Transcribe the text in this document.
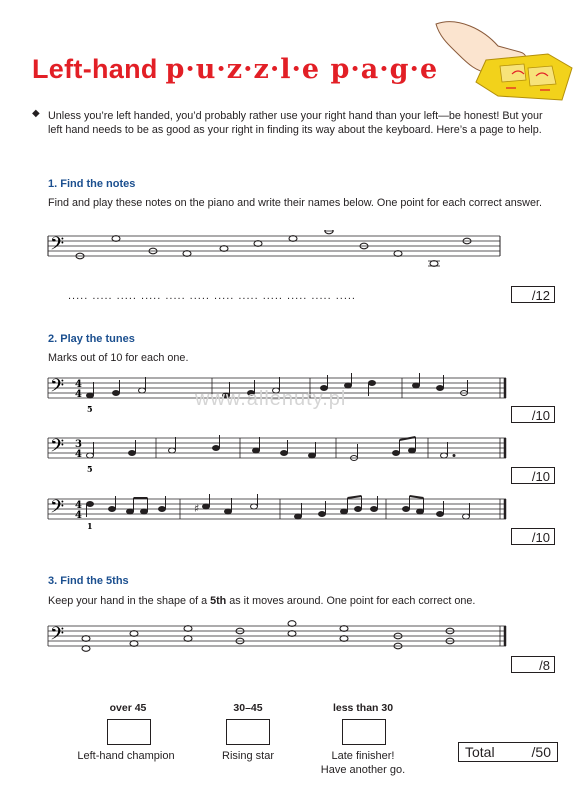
Left-hand p·u·z·z·l·e p·a·g·e
◆ Unless you’re left handed, you’d probably rather use your right hand than your left—be honest! But your left hand needs to be as good as your right in finding its way about the keyboard. Here’s a page to help.
1. Find the notes
Find and play these notes on the piano and write their names below. One point for each correct answer.
𝄢
..... ..... ..... ..... ..... ..... ..... ..... ..... ..... ..... .....	/12
2. Play the tunes
Marks out of 10 for each one.
𝄢 4
4
5	/10
𝄢 3
4
5	/10
𝄢 4
4
♯
1
/10
www.allenuty.pl
3. Find the 5ths
Keep your hand in the shape of a 5th as it moves around. One point for each correct one.
𝄢
/8
over 45
Left-hand champion
30–45
Rising star
less than 30
Late finisher!
Have another go.
Total	/50
